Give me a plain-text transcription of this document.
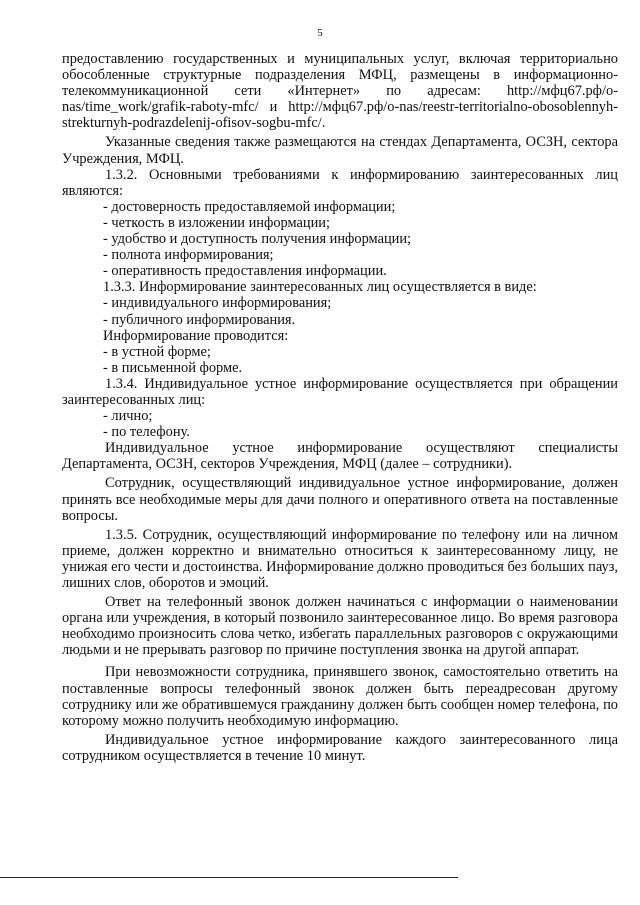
5

предоставлению государственных и муниципальных услуг, включая территориально обособленные структурные подразделения МФЦ, размещены в информационно-телекоммуникационной сети «Интернет» по адресам: http://мфц67.рф/o-nas/time_work/grafik-raboty-mfc/ и http://мфц67.рф/o-nas/reestr-territorialno-obosoblennyh-strekturnyh-podrazdelenij-ofisov-sogbu-mfc/.

Указанные сведения также размещаются на стендах Департамента, ОСЗН, сектора Учреждения, МФЦ.

1.3.2. Основными требованиями к информированию заинтересованных лиц являются:

- достоверность предоставляемой информации;

- четкость в изложении информации;

- удобство и доступность получения информации;

- полнота информирования;

- оперативность предоставления информации.

1.3.3. Информирование заинтересованных лиц осуществляется в виде:

- индивидуального информирования;

- публичного информирования.

Информирование проводится:

- в устной форме;

- в письменной форме.

1.3.4. Индивидуальное устное информирование осуществляется при обращении заинтересованных лиц:

- лично;

- по телефону.

Индивидуальное устное информирование осуществляют специалисты Департамента, ОСЗН, секторов Учреждения, МФЦ (далее – сотрудники).

Сотрудник, осуществляющий индивидуальное устное информирование, должен принять все необходимые меры для дачи полного и оперативного ответа на поставленные вопросы.

1.3.5. Сотрудник, осуществляющий информирование по телефону или на личном приеме, должен корректно и внимательно относиться к заинтересованному лицу, не унижая его чести и достоинства. Информирование должно проводиться без больших пауз, лишних слов, оборотов и эмоций.

Ответ на телефонный звонок должен начинаться с информации о наименовании органа или учреждения, в который позвонило заинтересованное лицо. Во время разговора необходимо произносить слова четко, избегать параллельных разговоров с окружающими людьми и не прерывать разговор по причине поступления звонка на другой аппарат.

При невозможности сотрудника, принявшего звонок, самостоятельно ответить на поставленные вопросы телефонный звонок должен быть переадресован другому сотруднику или же обратившемуся гражданину должен быть сообщен номер телефона, по которому можно получить необходимую информацию.

Индивидуальное устное информирование каждого заинтересованного лица сотрудником осуществляется в течение 10 минут.
